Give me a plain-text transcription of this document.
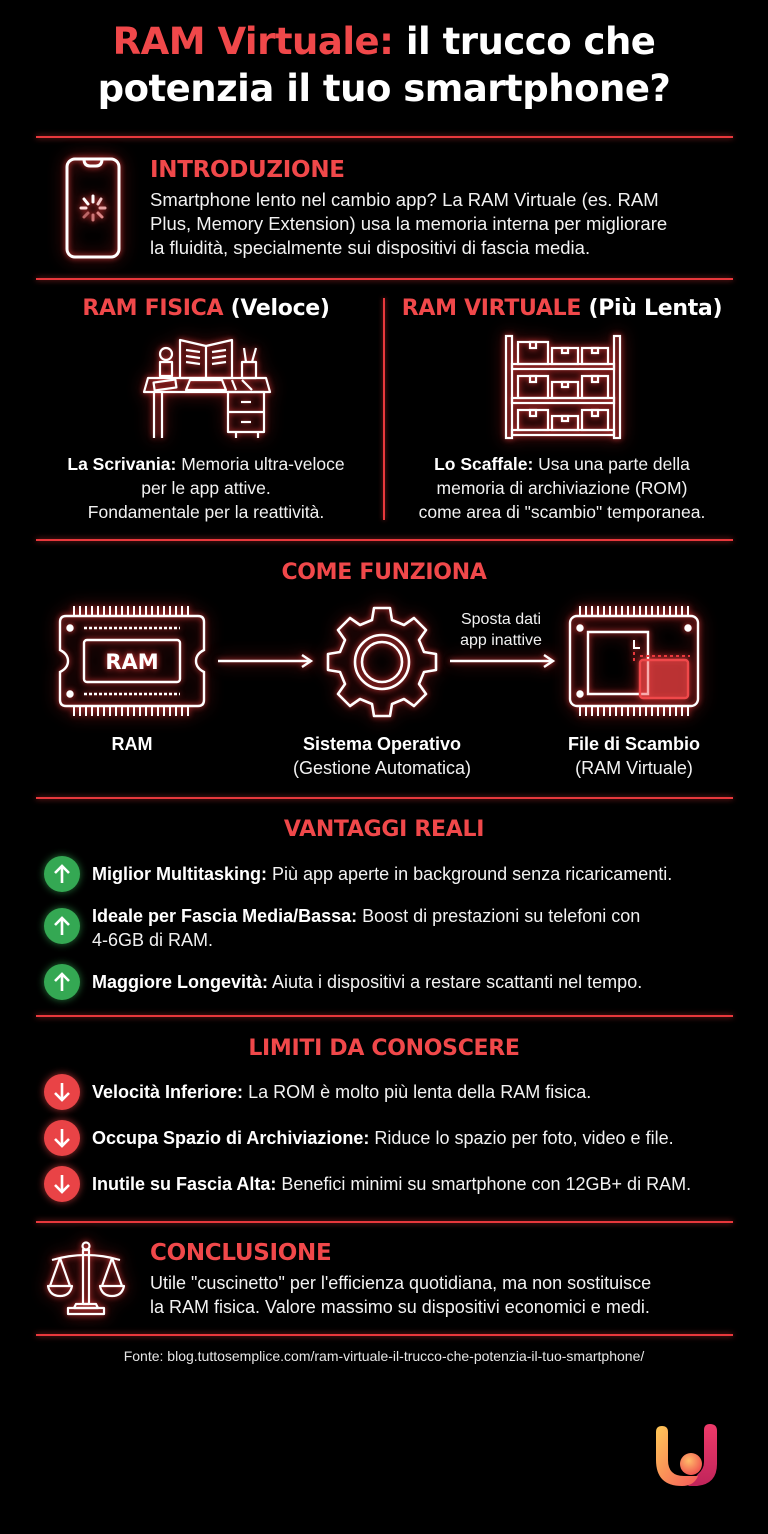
RAM Virtuale: il trucco che
potenzia il tuo smartphone?
INTRODUZIONE
Smartphone lento nel cambio app? La RAM Virtuale (es. RAM
Plus, Memory Extension) usa la memoria interna per migliorare
la fluidità, specialmente sui dispositivi di fascia media.
RAM FISICA (Veloce)
La Scrivania: Memoria ultra-veloce
per le app attive.
Fondamentale per la reattività.
RAM VIRTUALE (Più Lenta)
Lo Scaffale: Usa una parte della
memoria di archiviazione (ROM)
come area di "scambio" temporanea.
COME FUNZIONA
RAM
Sposta dati
app inattive
RAM	Sistema Operativo
(Gestione Automatica)
File di Scambio
(RAM Virtuale)
VANTAGGI REALI
Miglior Multitasking: Più app aperte in background senza ricaricamenti.
Ideale per Fascia Media/Bassa: Boost di prestazioni su telefoni con
4-6GB di RAM.
Maggiore Longevità: Aiuta i dispositivi a restare scattanti nel tempo.
LIMITI DA CONOSCERE
Velocità Inferiore: La ROM è molto più lenta della RAM fisica.
Occupa Spazio di Archiviazione: Riduce lo spazio per foto, video e file.
Inutile su Fascia Alta: Benefici minimi su smartphone con 12GB+ di RAM.
CONCLUSIONE
Utile "cuscinetto" per l'efficienza quotidiana, ma non sostituisce
la RAM fisica. Valore massimo su dispositivi economici e medi.
Fonte: blog.tuttosemplice.com/ram-virtuale-il-trucco-che-potenzia-il-tuo-smartphone/
